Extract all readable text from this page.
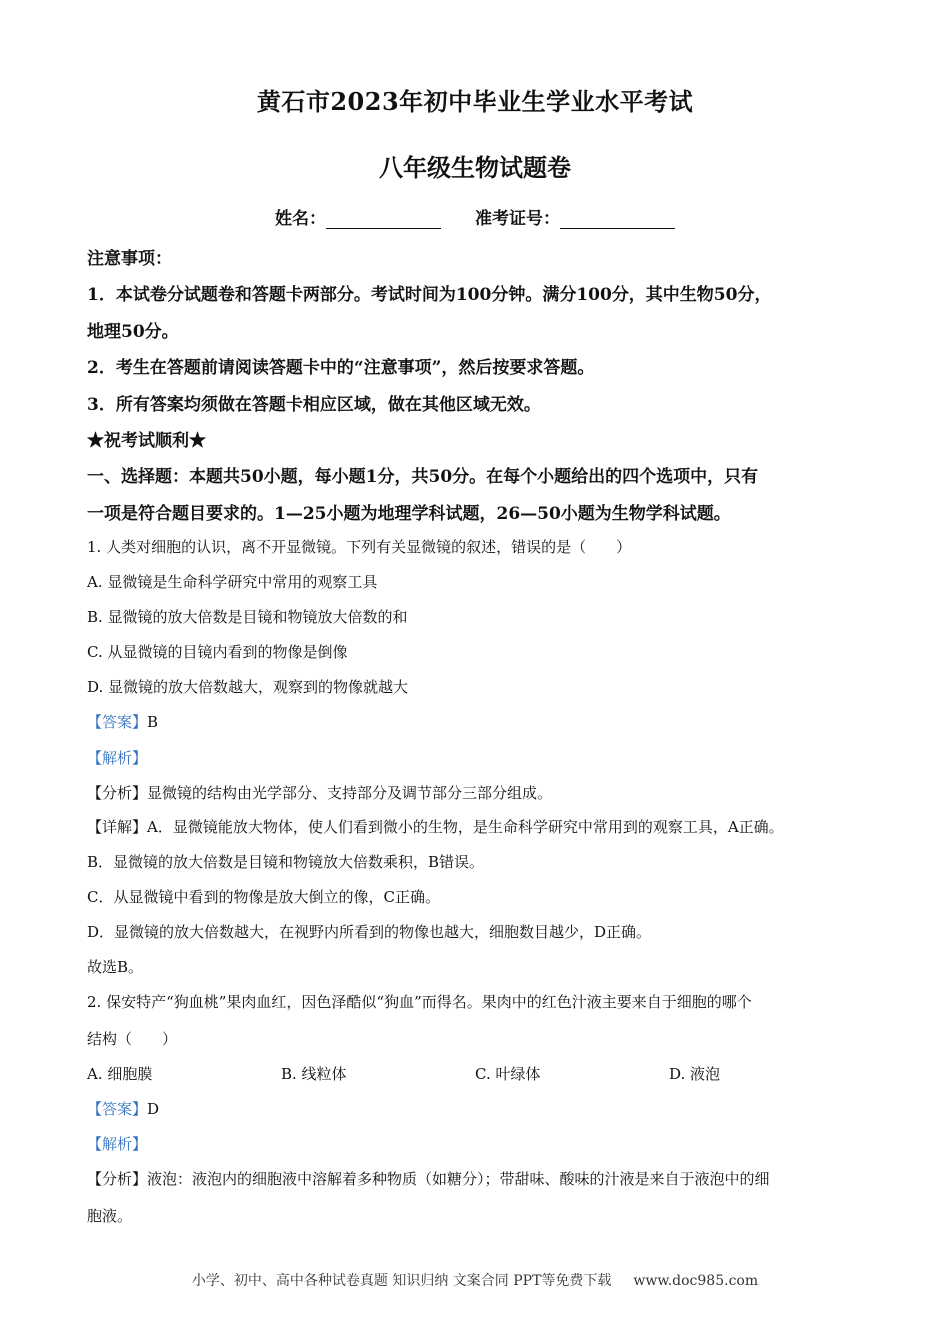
黄石市2023年初中毕业生学业水平考试
八年级生物试题卷
姓名：	准考证号：
注意事项：
1．本试卷分试题卷和答题卡两部分。考试时间为100分钟。满分100分，其中生物50分，
地理50分。
2．考生在答题前请阅读答题卡中的“注意事项”，然后按要求答题。
3．所有答案均须做在答题卡相应区域，做在其他区域无效。
★祝考试顺利★
一、选择题：本题共50小题，每小题1分，共50分。在每个小题给出的四个选项中，只有
一项是符合题目要求的。1—25小题为地理学科试题，26—50小题为生物学科试题。
1. 人类对细胞的认识，离不开显微镜。下列有关显微镜的叙述，错误的是（　　）
A. 显微镜是生命科学研究中常用的观察工具
B. 显微镜的放大倍数是目镜和物镜放大倍数的和
C. 从显微镜的目镜内看到的物像是倒像
D. 显微镜的放大倍数越大，观察到的物像就越大
【答案】B
【解析】
【分析】显微镜的结构由光学部分、支持部分及调节部分三部分组成。
【详解】A．显微镜能放大物体，使人们看到微小的生物，是生命科学研究中常用到的观察工具，A正确。
B．显微镜的放大倍数是目镜和物镜放大倍数乘积，B错误。
C．从显微镜中看到的物像是放大倒立的像，C正确。
D．显微镜的放大倍数越大，在视野内所看到的物像也越大，细胞数目越少，D正确。
故选B。
2. 保安特产“狗血桃”果肉血红，因色泽酷似“狗血”而得名。果肉中的红色汁液主要来自于细胞的哪个
结构（　　）
A. 细胞膜	B. 线粒体	C. 叶绿体	D. 液泡
【答案】D
【解析】
【分析】液泡：液泡内的细胞液中溶解着多种物质（如糖分）；带甜味、酸味的汁液是来自于液泡中的细
胞液。
小学、初中、高中各种试卷真题 知识归纳 文案合同 PPT等免费下载 www.doc985.com
